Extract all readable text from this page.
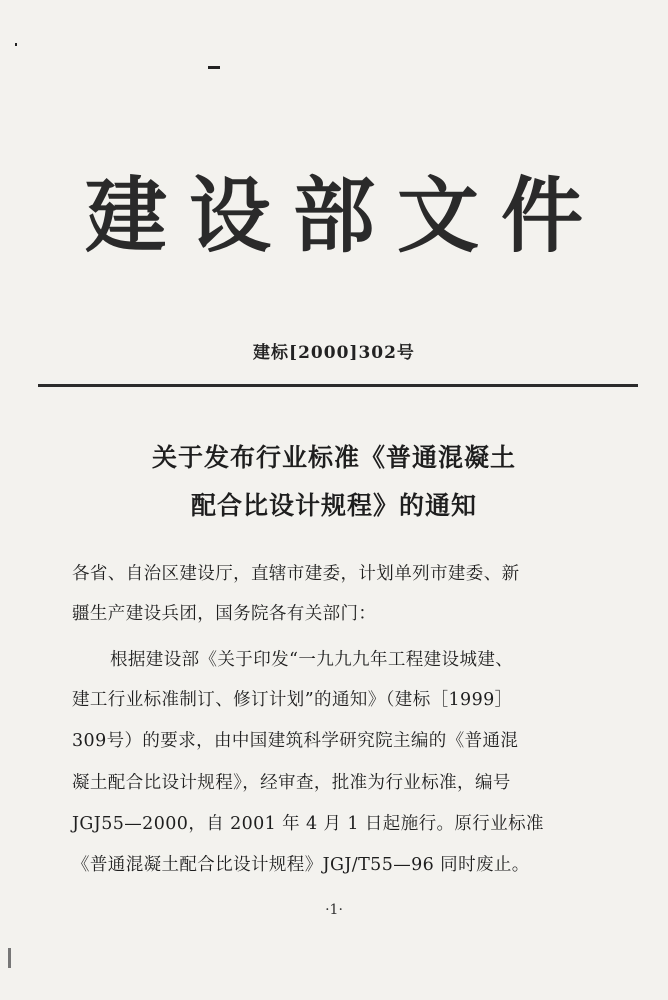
建设部文件
建标[2000]302号
关于发布行业标准《普通混凝土
配合比设计规程》的通知
各省、自治区建设厅，直辖市建委，计划单列市建委、新
疆生产建设兵团，国务院各有关部门：
根据建设部《关于印发“一九九九年工程建设城建、
建工行业标准制订、修订计划”的通知》（建标［1999］
309号）的要求，由中国建筑科学研究院主编的《普通混
凝土配合比设计规程》，经审查，批准为行业标准，编号
JGJ55—2000，自 2001 年 4 月 1 日起施行。原行业标准
《普通混凝土配合比设计规程》JGJ/T55—96 同时废止。
·1·
